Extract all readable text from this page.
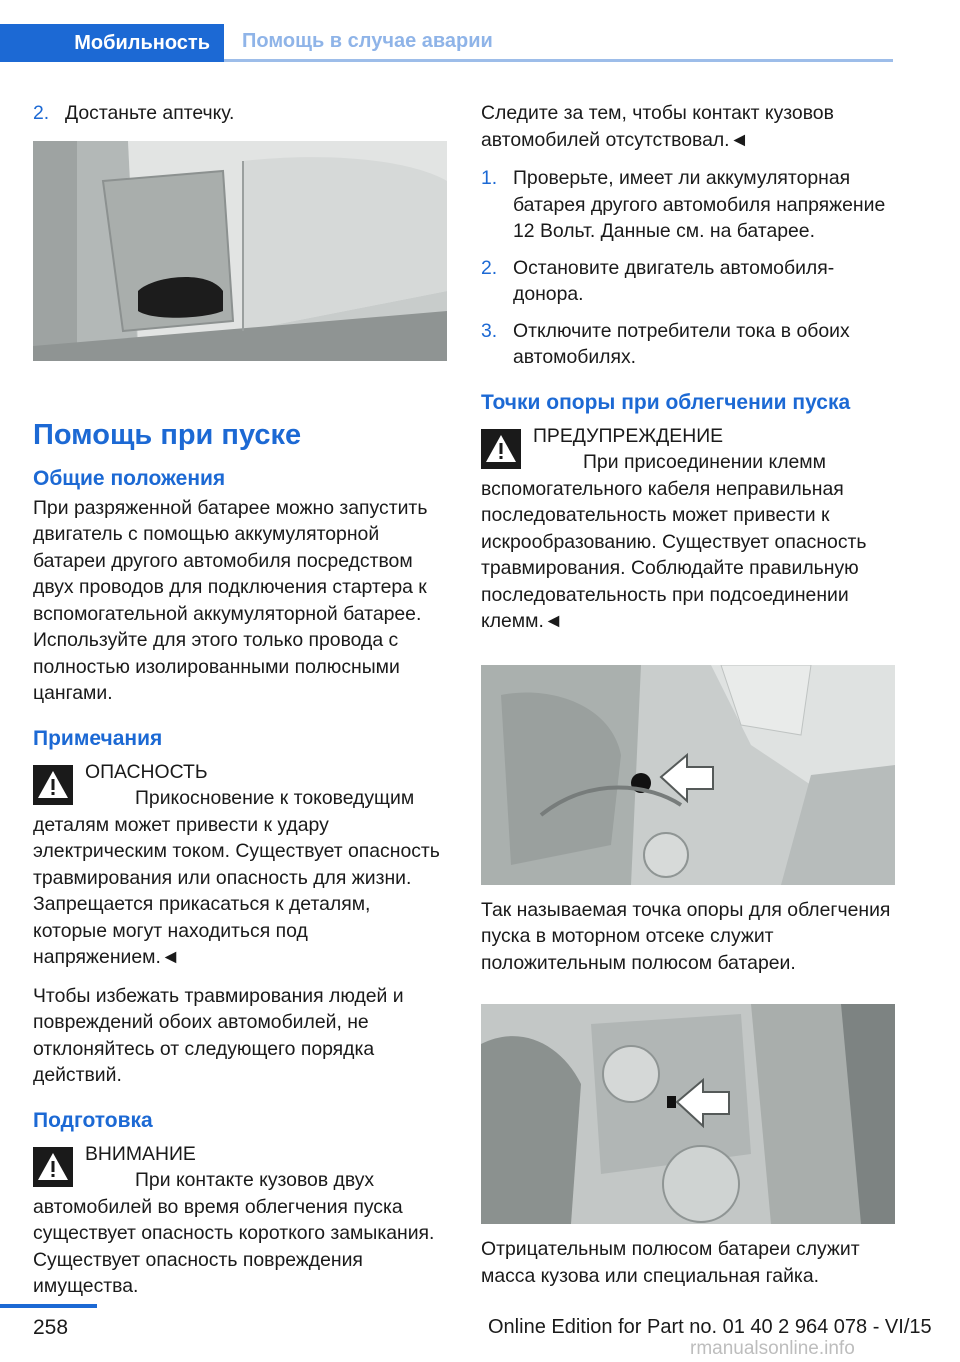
Мобильность	Помощь в случае аварии
2. Достаньте аптечку.
Помощь при пуске
Общие положения

При разряженной батарее можно запустить двигатель с помощью аккумуляторной батареи другого автомобиля посредством двух проводов для подключения стартера к вспомогательной аккумуляторной батарее. Используйте для этого только провода с полностью изолированными полюсными цангами.

Примечания
ОПАСНОСТЬ

Прикосновение к токоведущим деталям может привести к удару электрическим током. Существует опасность травмирования или опасность для жизни. Запрещается прикасаться к деталям, которые могут находиться под напряжением.◄

Чтобы избежать травмирования людей и повреждений обоих автомобилей, не отклоняйтесь от следующего порядка действий.

Подготовка
ВНИМАНИЕ

При контакте кузовов двух автомобилей во время облегчения пуска существует опасность короткого замыкания. Существует опасность повреждения имущества.

Следите за тем, чтобы контакт кузовов автомобилей отсутствовал.◄

1. Проверьте, имеет ли аккумуляторная батарея другого автомобиля напряжение 12 Вольт. Данные см. на батарее.
2. Остановите двигатель автомобиля-донора.
3. Отключите потребители тока в обоих автомобилях.
Точки опоры при облегчении пуска
ПРЕДУПРЕЖДЕНИЕ

При присоединении клемм вспомогательного кабеля неправильная последовательность может привести к искрообразованию. Существует опасность травмирования. Соблюдайте правильную последовательность при подсоединении клемм.◄

Так называемая точка опоры для облегчения пуска в моторном отсеке служит положительным полюсом батареи.

Отрицательным полюсом батареи служит масса кузова или специальная гайка.

258	Online Edition for Part no. 01 40 2 964 078 - VI/15
rmanualsonline.info
